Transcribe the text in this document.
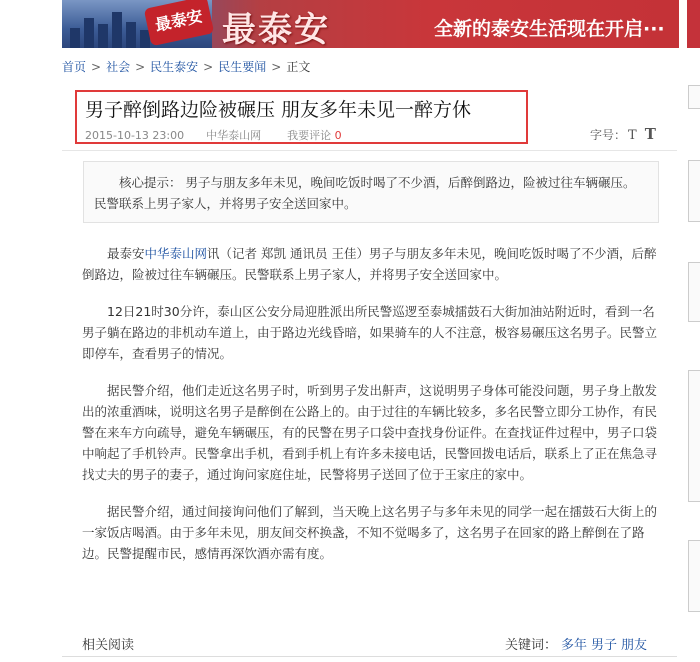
最泰安 最泰安	全新的泰安生活现在开启···
首页 > 社会 > 民生泰安 > 民生要闻 > 正文
男子醉倒路边险被碾压 朋友多年未见一醉方休
2015-10-13 23:00 中华泰山网 我要评论 0	字号： T T
核心提示： 男子与朋友多年未见，晚间吃饭时喝了不少酒，后醉倒路边，险被过往车辆碾压。民警联系上男子家人，并将男子安全送回家中。

最泰安中华泰山网讯（记者 郑凯 通讯员 王佳）男子与朋友多年未见，晚间吃饭时喝了不少酒，后醉倒路边，险被过往车辆碾压。民警联系上男子家人，并将男子安全送回家中。

12日21时30分许，泰山区公安分局迎胜派出所民警巡逻至泰城擂鼓石大街加油站附近时，看到一名男子躺在路边的非机动车道上，由于路边光线昏暗，如果骑车的人不注意，极容易碾压这名男子。民警立即停车，查看男子的情况。

据民警介绍，他们走近这名男子时，听到男子发出鼾声，这说明男子身体可能没问题，男子身上散发出的浓重酒味，说明这名男子是醉倒在公路上的。由于过往的车辆比较多，多名民警立即分工协作，有民警在来车方向疏导，避免车辆碾压，有的民警在男子口袋中查找身份证件。在查找证件过程中，男子口袋中响起了手机铃声。民警拿出手机，看到手机上有许多未接电话，民警回拨电话后，联系上了正在焦急寻找丈夫的男子的妻子，通过询问家庭住址，民警将男子送回了位于王家庄的家中。

据民警介绍，通过间接询问他们了解到，当天晚上这名男子与多年未见的同学一起在擂鼓石大街上的一家饭店喝酒。由于多年未见，朋友间交杯换盏，不知不觉喝多了，这名男子在回家的路上醉倒在了路边。民警提醒市民，感情再深饮酒亦需有度。

相关阅读	关键词： 多年 男子 朋友
